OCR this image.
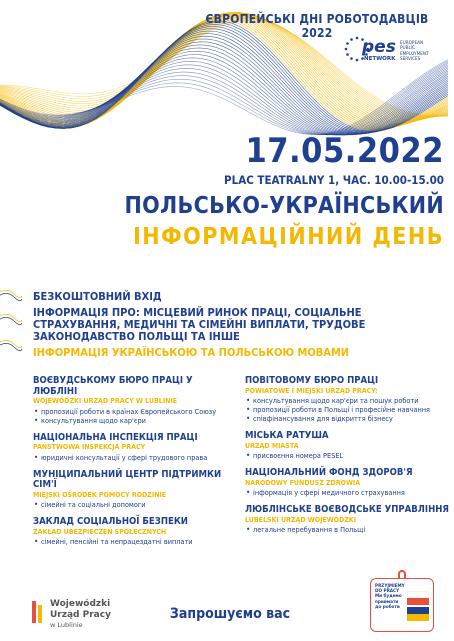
ЄВРОПЕЙСЬКІ ДНІ РОБОТОДАВЦІВ 2022
pes
NETWORK
EUROPEAN PUBLIC EMPLOYMENT SERVICES
17.05.2022
PLAC TEATRALNY 1, ЧАС. 10.00-15.00
ПОЛЬСЬКО-УКРАЇНСЬКИЙ
ІНФОРМАЦІЙНИЙ ДЕНЬ
БЕЗКОШТОВНИЙ ВХІД
ІНФОРМАЦІЯ ПРО: МІСЦЕВИЙ РИНОК ПРАЦІ, СОЦІАЛЬНЕ СТРАХУВАННЯ, МЕДИЧНІ ТА СІМЕЙНІ ВИПЛАТИ, ТРУДОВЕ ЗАКОНОДАВСТВО ПОЛЬЩІ ТА ІНШЕ
ІНФОРМАЦІЯ УКРАЇНСЬКОЮ ТА ПОЛЬСЬКОЮ МОВАМИ
ВОЄВУДСЬКОМУ БЮРО ПРАЦІ У ЛЮБЛІНІ
WOJEWÓDZKI URZĄD PRACY W LUBLINIE
• пропозиції роботи в країнах Європейського Союзу
• консультування щодо кар'єри
НАЦІОНАЛЬНА ІНСПЕКЦІЯ ПРАЦІ
PAŃSTWOWA INSPEKCJA PRACY
• юридичні консультації у сфері трудового права
МУНІЦИПАЛЬНИЙ ЦЕНТР ПІДТРИМКИ СІМ'Ї
MIEJSKI OŚRODEK POMOCY RODZINIE
• сімейні та соціальні допомоги
ЗАКЛАД СОЦІАЛЬНОЇ БЕЗПЕКИ
ZAKŁAD UBEZPIECZEŃ SPOŁECZNYCH
• сімейні, пенсійні та непрацездатні виплати
ПОВІТОВОМУ БЮРО ПРАЦІ
POWIATOWE I MIEJSKI URZĄD PRACY:
• консультування щодо кар'єри та пошук роботи
• пропозиції роботи в Польщі і професійне навчання
• співфінансування для відкриття бізнесу
МІСЬКА РАТУША
URZĄD MIASTA
• присвоєння номера PESEL
НАЦІОНАЛЬНИЙ ФОНД ЗДОРОВ'Я
NARODOWY FUNDUSZ ZDROWIA
• інформація у сфері медичного страхування
ЛЮБЛІНСЬКЕ ВОЄВОДСЬКЕ УПРАВЛІННЯ
LUBELSKI URZĄD WOJEWÓDZKI
• легальне перебування в Польщі
Wojewódzki
Urząd Pracy
w Lublinie
Запрошуємо вас
PRZYJMIEMY
DO PRACY
Ми будемо
приймати
до роботи
